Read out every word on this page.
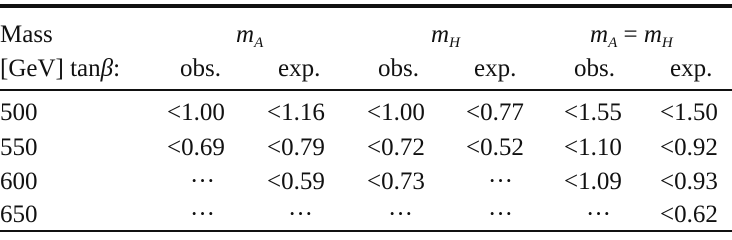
Mass	$m_A$	$m_H$	$m_A = m_H$
[GeV] tanβ: obs. exp. obs. exp. obs. exp.
500	<1.00 <1.16 <1.00 <0.77 <1.55 <1.50
550	<0.69 <0.79 <0.72 <0.52 <1.10 <0.92
600	··· <0.59 <0.73	··· <1.09 <0.93
650	···	···	···	···	··· <0.62
